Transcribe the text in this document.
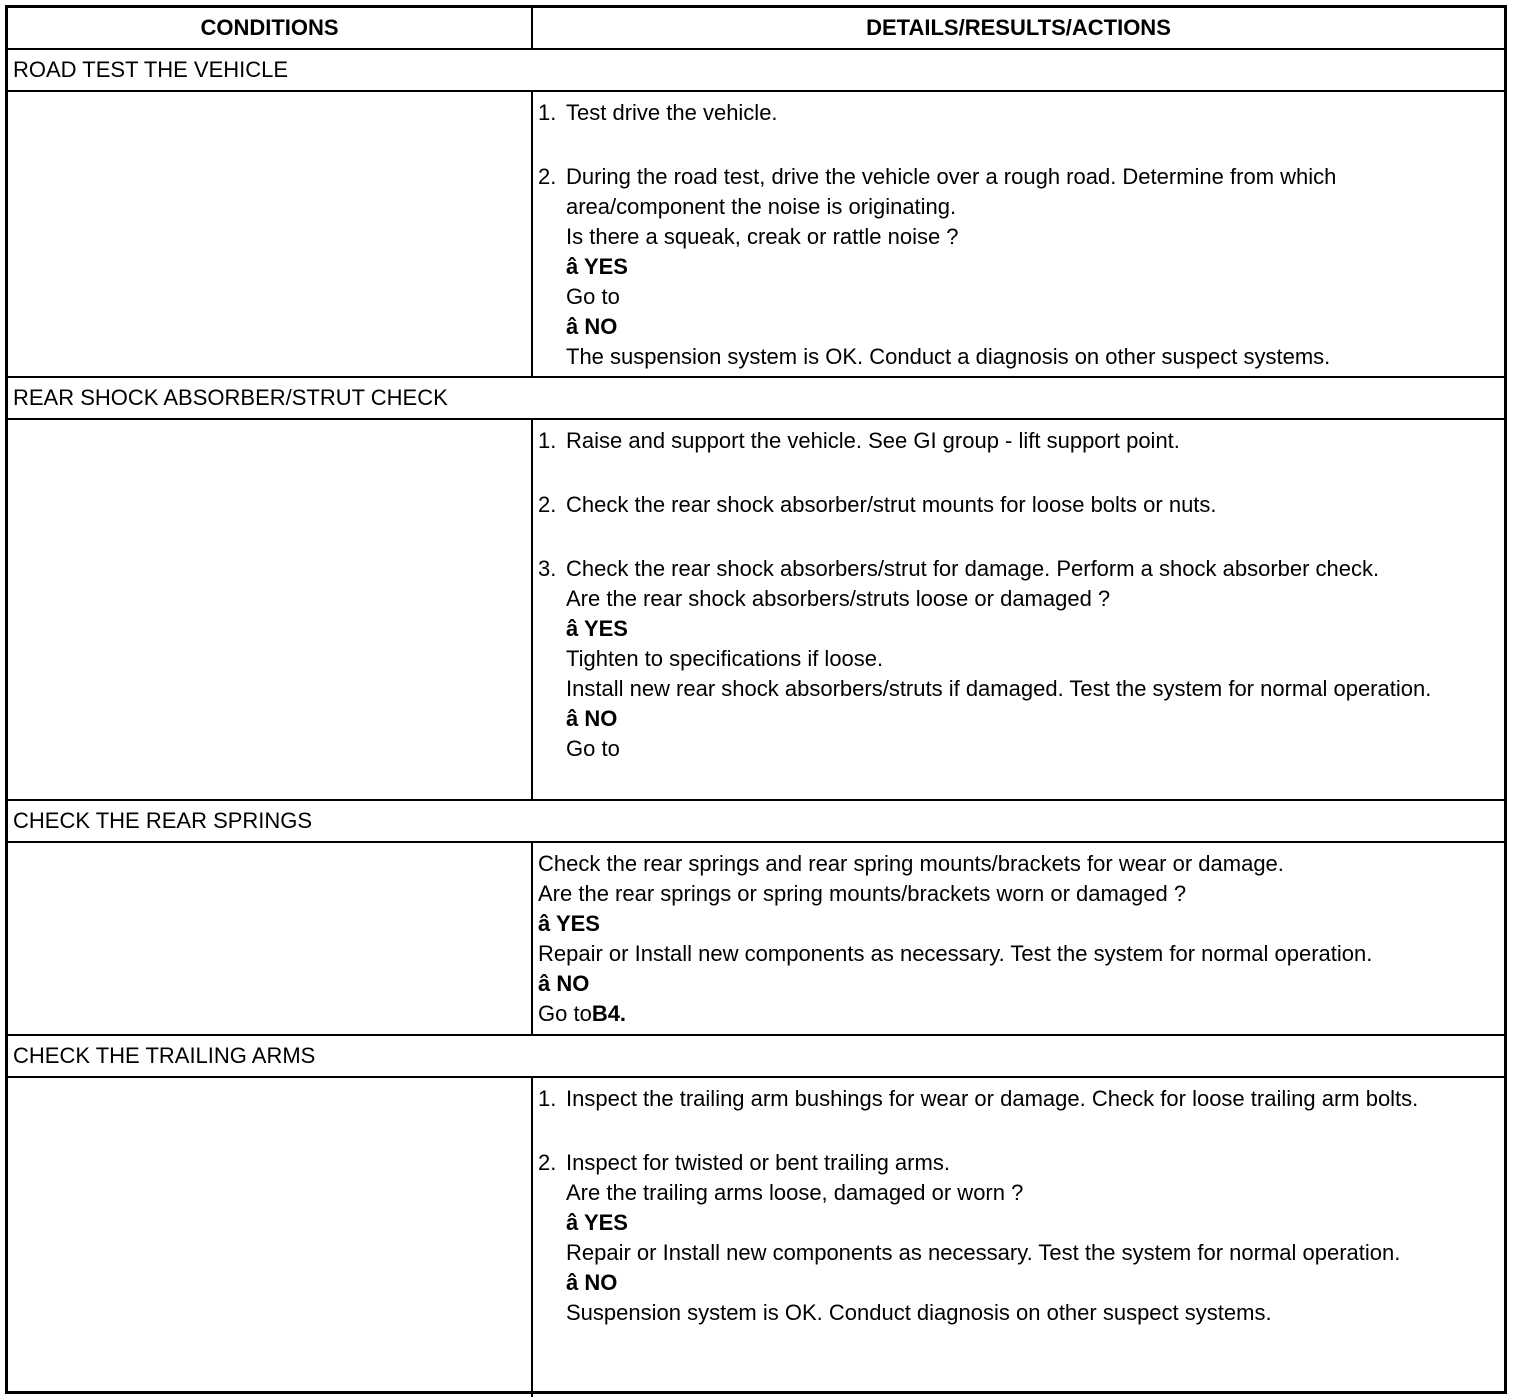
CONDITIONS	DETAILS/RESULTS/ACTIONS
ROAD TEST THE VEHICLE
1. Test drive the vehicle.
2. During the road test, drive the vehicle over a rough road. Determine from which area/component the noise is originating.
Is there a squeak, creak or rattle noise ?
â YES
Go to
â NO
The suspension system is OK. Conduct a diagnosis on other suspect systems.
REAR SHOCK ABSORBER/STRUT CHECK
1. Raise and support the vehicle. See GI group - lift support point.
2. Check the rear shock absorber/strut mounts for loose bolts or nuts.
3. Check the rear shock absorbers/strut for damage. Perform a shock absorber check.
Are the rear shock absorbers/struts loose or damaged ?
â YES
Tighten to specifications if loose.
Install new rear shock absorbers/struts if damaged. Test the system for normal operation.
â NO
Go to
CHECK THE REAR SPRINGS
Check the rear springs and rear spring mounts/brackets for wear or damage.
Are the rear springs or spring mounts/brackets worn or damaged ?
â YES
Repair or Install new components as necessary. Test the system for normal operation.
â NO
Go toB4.
CHECK THE TRAILING ARMS
1. Inspect the trailing arm bushings for wear or damage. Check for loose trailing arm bolts.
2. Inspect for twisted or bent trailing arms.
Are the trailing arms loose, damaged or worn ?
â YES
Repair or Install new components as necessary. Test the system for normal operation.
â NO
Suspension system is OK. Conduct diagnosis on other suspect systems.
